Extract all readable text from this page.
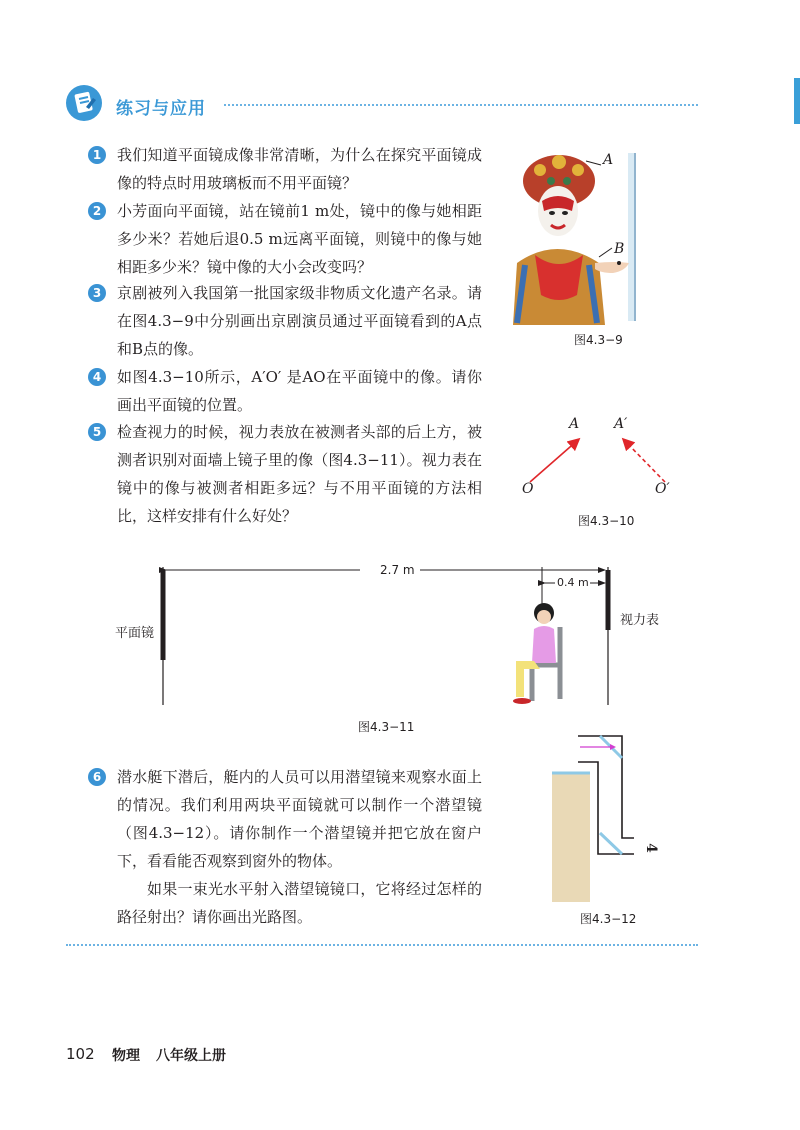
练习与应用
1	我们知道平面镜成像非常清晰，为什么在探究平面镜成像的特点时用玻璃板而不用平面镜？

2	小芳面向平面镜，站在镜前1 m处，镜中的像与她相距多少米？若她后退0.5 m远离平面镜，则镜中的像与她相距多少米？镜中像的大小会改变吗？

3	京剧被列入我国第一批国家级非物质文化遗产名录。请在图4.3−9中分别画出京剧演员通过平面镜看到的A点和B点的像。

4	如图4.3−10所示，A′O′ 是AO在平面镜中的像。请你画出平面镜的位置。

5	检查视力的时候，视力表放在被测者头部的后上方，被测者识别对面墙上镜子里的像（图4.3−11）。视力表在镜中的像与被测者相距多远？与不用平面镜的方法相比，这样安排有什么好处？

6	潜水艇下潜后，艇内的人员可以用潜望镜来观察水面上的情况。我们利用两块平面镜就可以制作一个潜望镜（图4.3−12）。请你制作一个潜望镜并把它放在窗户下，看看能否观察到窗外的物体。

如果一束光水平射入潜望镜镜口，它将经过怎样的路径射出？请你画出光路图。

A
B
图4.3−9
A A′
O	O′
图4.3−10
2.7 m
0.4 m
平面镜
视力表
图4.3−11
4
图4.3−12
102 物理 八年级上册
